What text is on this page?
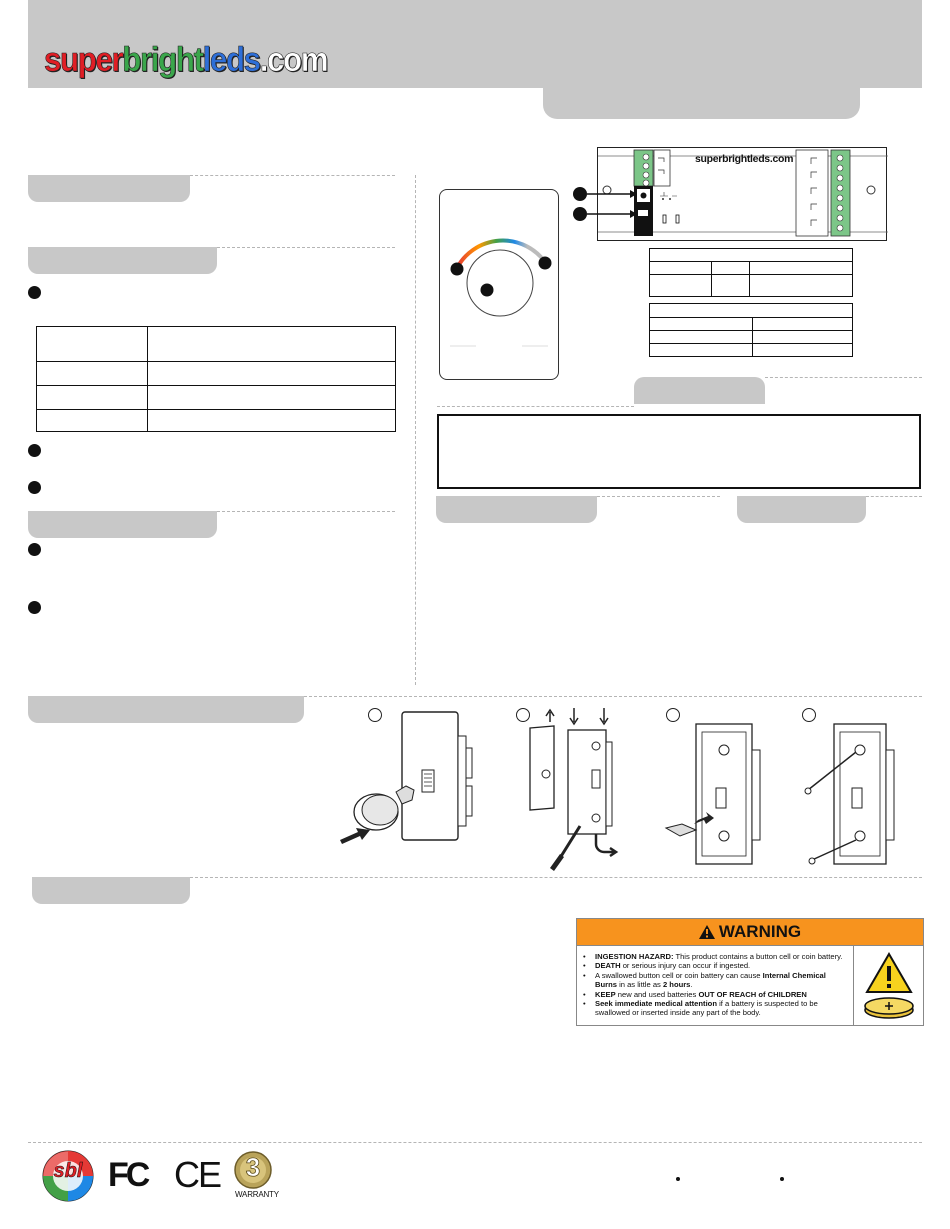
superbrightleds.com

superbrightleds.com

WARNING
• INGESTION HAZARD: This product contains a button cell or coin battery.
• DEATH or serious injury can occur if ingested.
• A swallowed button cell or coin battery can cause Internal Chemical Burns in as little as 2 hours.
• KEEP new and used batteries OUT OF REACH of CHILDREN
• Seek immediate medical attention if a battery is suspected to be swallowed or inserted inside any part of the body.
sbl FC CE 3
WARRANTY
